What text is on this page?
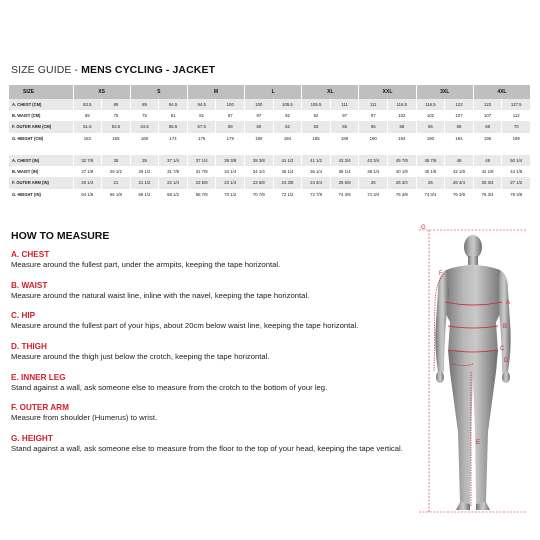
SIZE GUIDE - MENS CYCLING - JACKET
SIZE	XS		S		M		L		XL		XXL		3XL		4XL	
A. CHEST (CM)	83.5	89	89	94.5	94.5	100	100	105.5	105.5	111	111	116.5	116.5	122	122	127.5
B. WAIST (CM)	69	75	75	81	81	87	87	92	92	97	97	102	102	107	107	112
F. OUTER ARM (CM)	51.5	53.5	34.5	56.5	57.5	59	60	62	63	65	66	68	66	68	68	70
G. HEIGHT (CM)	163	168	168	174	175	179	180	184	185	189	190	194	190	194	195	199
A. CHEST (IN)	32 7/8	35	35	37 1/4	37 1/4	39 3/8	39 3/8	41 1/2	41 1/2	43 3/4	43 3/4	45 7/8	45 7/8	48	48	50 1/4
B. WAIST (IN)	27 1/8	29 1/2	29 1/2	31 7/8	31 7/8	34 1/4	34 1/4	36 1/4	36 1/4	38 1/4	38 1/4	40 1/8	40 1/8	42 1/8	42 1/8	44 1/8
F. OUTER ARM (IN)	20 1/4	21	21 1/2	22 1/4	22 5/8	23 1/4	23 5/8	24 3/8	24 3/4	25 5/8	26	26 3/4	26	26 3/4	26 3/4	27 1/2
G. HEIGHT (IN)	64 1/8	66 1/8	66 1/2	68 1/2	68 7/8	70 1/2	70 7/8	72 1/2	72 7/8	74 3/8	74 3/4	76 3/8	74 3/4	76 3/8	76 3/4	78 3/8
HOW TO MEASURE
A. CHEST
Measure around the fullest part, under the armpits, keeping the tape horizontal.
B. WAIST
Measure around the natural waist line, inline with the navel, keeping the tape horizontal.
C. HIP
Measure around the fullest part of your hips, about 20cm below waist line, keeping the tape horizontal.
D. THIGH
Measure around the thigh just below the crotch, keeping the tape horizontal.
E. INNER LEG
Stand against a wall, ask someone else to measure from the crotch to the bottom of your leg.
F. OUTER ARM
Measure from shoulder (Humerus) to wrist.
G. HEIGHT
Stand against a wall, ask someone else to measure from the floor to the top of your head, keeping the tape vertical.
G
F
A
B
C
D
E
